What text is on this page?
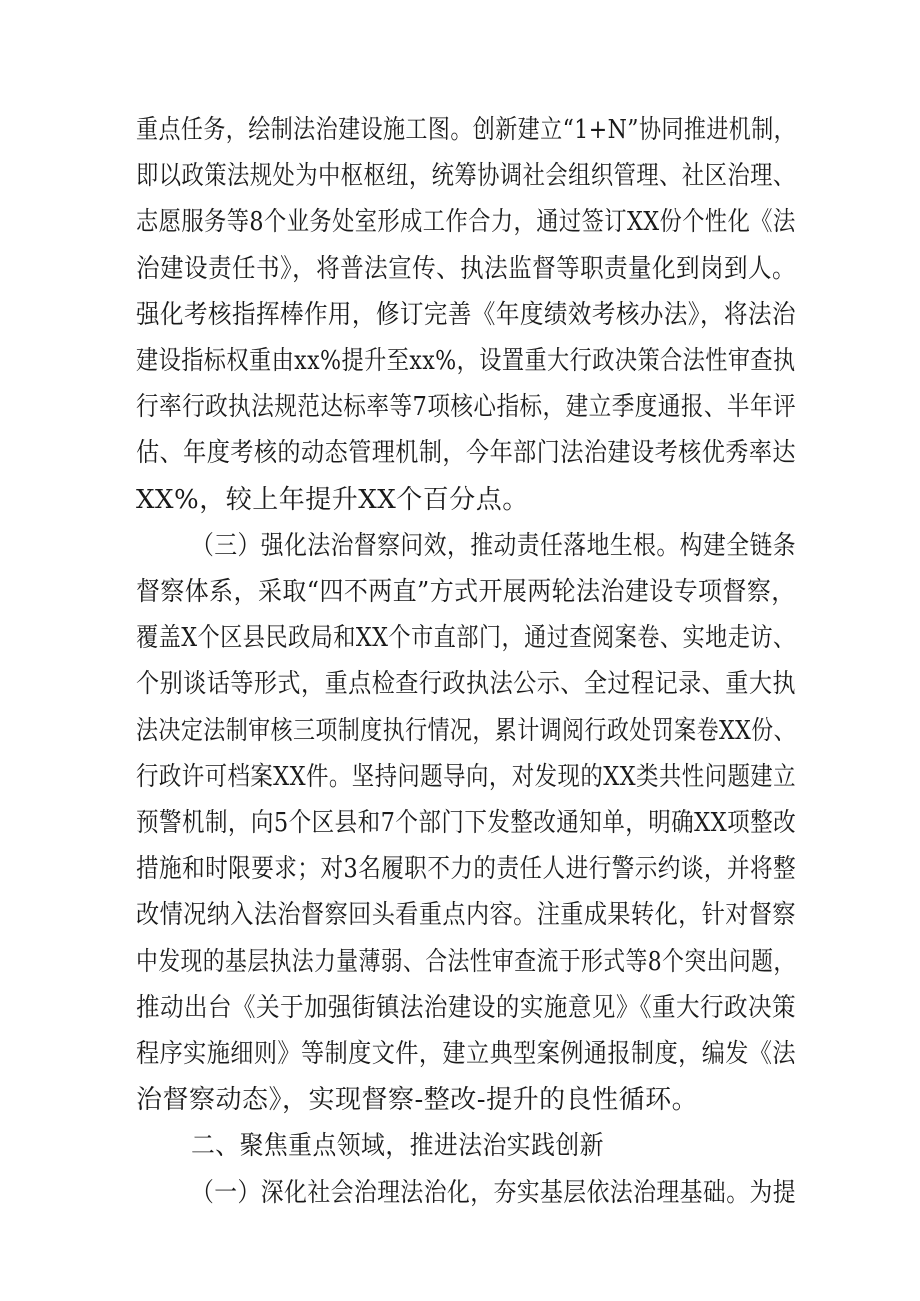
重点任务，绘制法治建设施工图。创新建立“1+N”协同推进机制，
即以政策法规处为中枢枢纽，统筹协调社会组织管理、社区治理、
志愿服务等8个业务处室形成工作合力，通过签订XX份个性化《法
治建设责任书》，将普法宣传、执法监督等职责量化到岗到人。
强化考核指挥棒作用，修订完善《年度绩效考核办法》，将法治
建设指标权重由xx%提升至xx%，设置重大行政决策合法性审查执
行率行政执法规范达标率等7项核心指标，建立季度通报、半年评
估、年度考核的动态管理机制，今年部门法治建设考核优秀率达
XX%，较上年提升XX个百分点。
（三）强化法治督察问效，推动责任落地生根。构建全链条
督察体系，采取“四不两直”方式开展两轮法治建设专项督察，
覆盖X个区县民政局和XX个市直部门，通过查阅案卷、实地走访、
个别谈话等形式，重点检查行政执法公示、全过程记录、重大执
法决定法制审核三项制度执行情况，累计调阅行政处罚案卷XX份、
行政许可档案XX件。坚持问题导向，对发现的XX类共性问题建立
预警机制，向5个区县和7个部门下发整改通知单，明确XX项整改
措施和时限要求；对3名履职不力的责任人进行警示约谈，并将整
改情况纳入法治督察回头看重点内容。注重成果转化，针对督察
中发现的基层执法力量薄弱、合法性审查流于形式等8个突出问题，
推动出台《关于加强街镇法治建设的实施意见》《重大行政决策
程序实施细则》等制度文件，建立典型案例通报制度，编发《法
治督察动态》，实现督察-整改-提升的良性循环。
二、聚焦重点领域，推进法治实践创新
（一）深化社会治理法治化，夯实基层依法治理基础。为提
